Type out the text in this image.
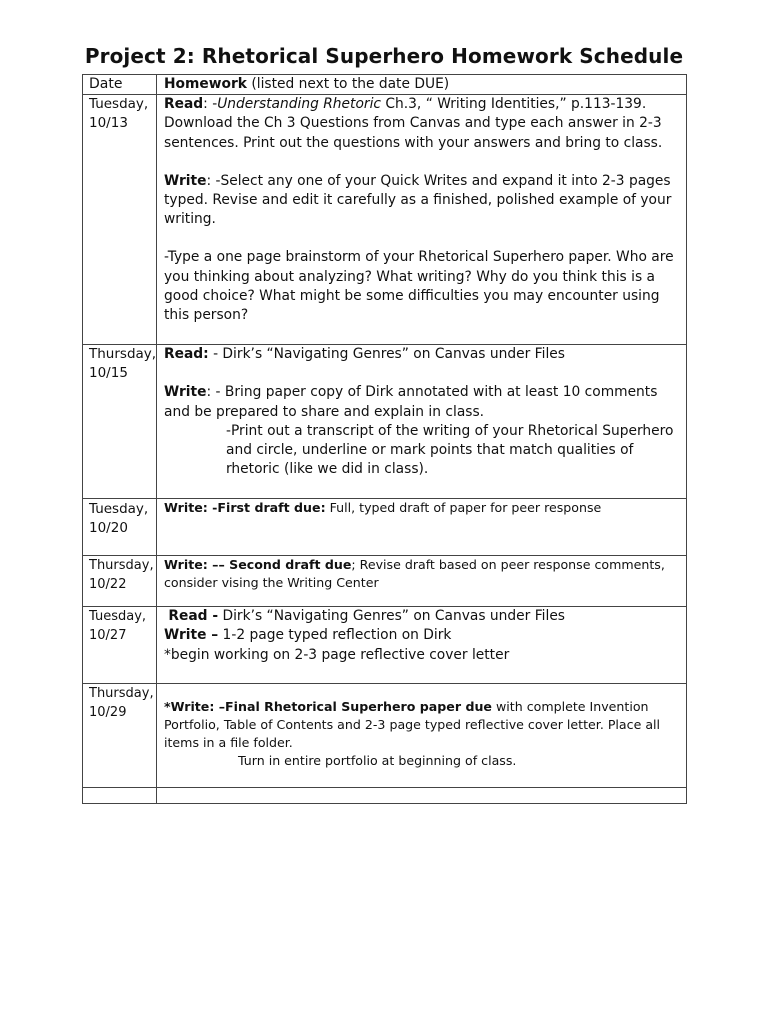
Project 2: Rhetorical Superhero Homework Schedule
Date	Homework (listed next to the date DUE)
Tuesday, 10/13	Read: -Understanding Rhetoric Ch.3, “ Writing Identities,” p.113-139. Download the Ch 3 Questions from Canvas and type each answer in 2-3 sentences. Print out the questions with your answers and bring to class.

Write: -Select any one of your Quick Writes and expand it into 2-3 pages typed. Revise and edit it carefully as a finished, polished example of your writing.

-Type a one page brainstorm of your Rhetorical Superhero paper. Who are you thinking about analyzing? What writing? Why do you think this is a good choice? What might be some difficulties you may encounter using this person?

Thursday, 10/15	Read: - Dirk’s “Navigating Genres” on Canvas under Files

Write: - Bring paper copy of Dirk annotated with at least 10 comments and be prepared to share and explain in class.

-Print out a transcript of the writing of your Rhetorical Superhero and circle, underline or mark points that match qualities of rhetoric (like we did in class).

Tuesday, 10/20	Write: -First draft due: Full, typed draft of paper for peer response

Thursday, 10/22	Write: –– Second draft due; Revise draft based on peer response comments, consider vising the Writing Center

Tuesday, 10/27	Read - Dirk’s “Navigating Genres” on Canvas under Files

Write – 1-2 page typed reflection on Dirk

*begin working on 2-3 page reflective cover letter

Thursday, 10/29	*Write: –Final Rhetorical Superhero paper due with complete Invention Portfolio, Table of Contents and 2-3 page typed reflective cover letter. Place all items in a file folder.

Turn in entire portfolio at beginning of class.
